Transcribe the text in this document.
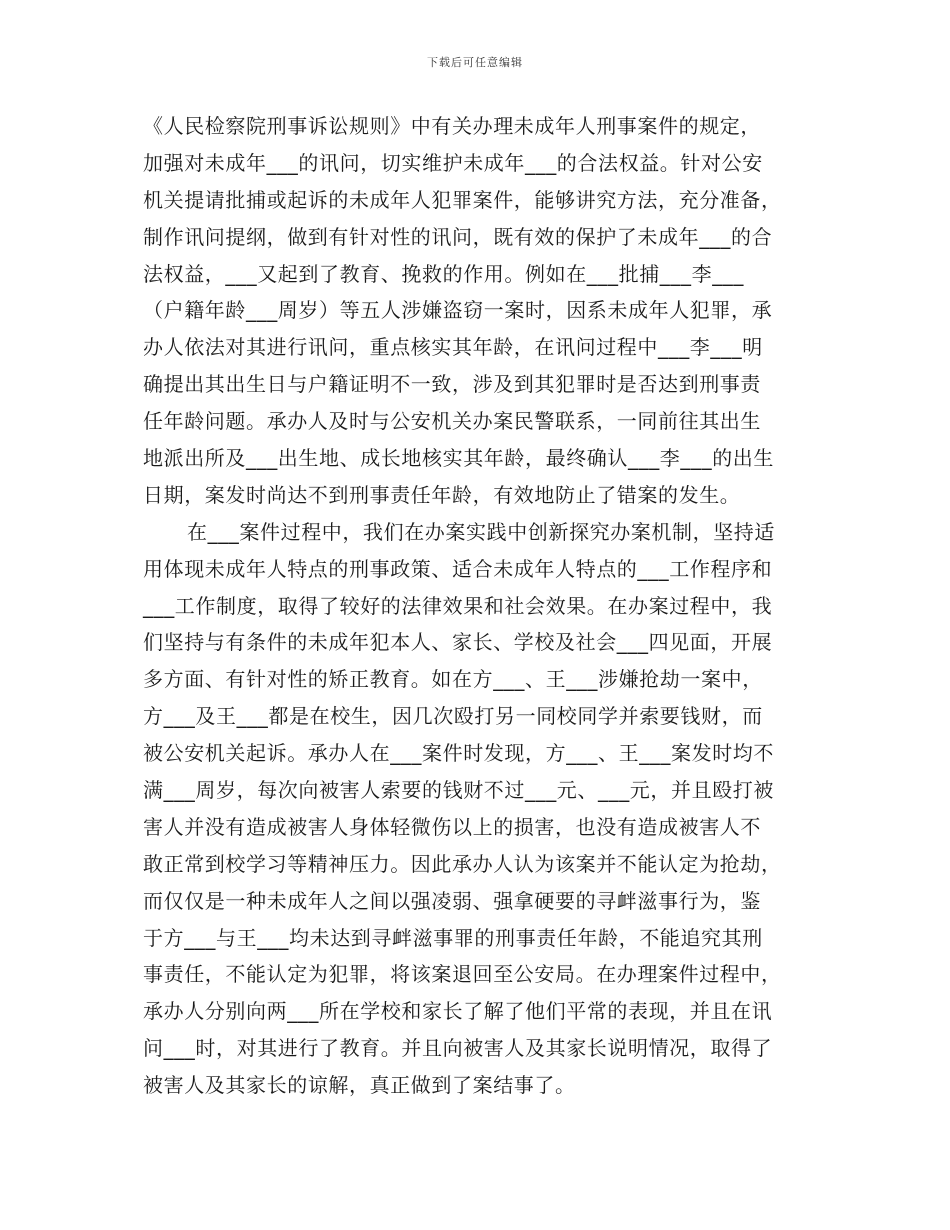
下载后可任意编辑
《人民检察院刑事诉讼规则》中有关办理未成年人刑事案件的规定，
加强对未成年___的讯问，切实维护未成年___的合法权益。针对公安
机关提请批捕或起诉的未成年人犯罪案件，能够讲究方法，充分准备，
制作讯问提纲，做到有针对性的讯问，既有效的保护了未成年___的合
法权益，___又起到了教育、挽救的作用。例如在___批捕___李___
（户籍年龄___周岁）等五人涉嫌盗窃一案时，因系未成年人犯罪，承
办人依法对其进行讯问，重点核实其年龄，在讯问过程中___李___明
确提出其出生日与户籍证明不一致，涉及到其犯罪时是否达到刑事责
任年龄问题。承办人及时与公安机关办案民警联系，一同前往其出生
地派出所及___出生地、成长地核实其年龄，最终确认___李___的出生
日期，案发时尚达不到刑事责任年龄，有效地防止了错案的发生。
在___案件过程中，我们在办案实践中创新探究办案机制，坚持适
用体现未成年人特点的刑事政策、适合未成年人特点的___工作程序和
___工作制度，取得了较好的法律效果和社会效果。在办案过程中，我
们坚持与有条件的未成年犯本人、家长、学校及社会___四见面，开展
多方面、有针对性的矫正教育。如在方___、王___涉嫌抢劫一案中，
方___及王___都是在校生，因几次殴打另一同校同学并索要钱财，而
被公安机关起诉。承办人在___案件时发现，方___、王___案发时均不
满___周岁，每次向被害人索要的钱财不过___元、___元，并且殴打被
害人并没有造成被害人身体轻微伤以上的损害，也没有造成被害人不
敢正常到校学习等精神压力。因此承办人认为该案并不能认定为抢劫，
而仅仅是一种未成年人之间以强凌弱、强拿硬要的寻衅滋事行为，鉴
于方___与王___均未达到寻衅滋事罪的刑事责任年龄，不能追究其刑
事责任，不能认定为犯罪，将该案退回至公安局。在办理案件过程中，
承办人分别向两___所在学校和家长了解了他们平常的表现，并且在讯
问___时，对其进行了教育。并且向被害人及其家长说明情况，取得了
被害人及其家长的谅解，真正做到了案结事了。
